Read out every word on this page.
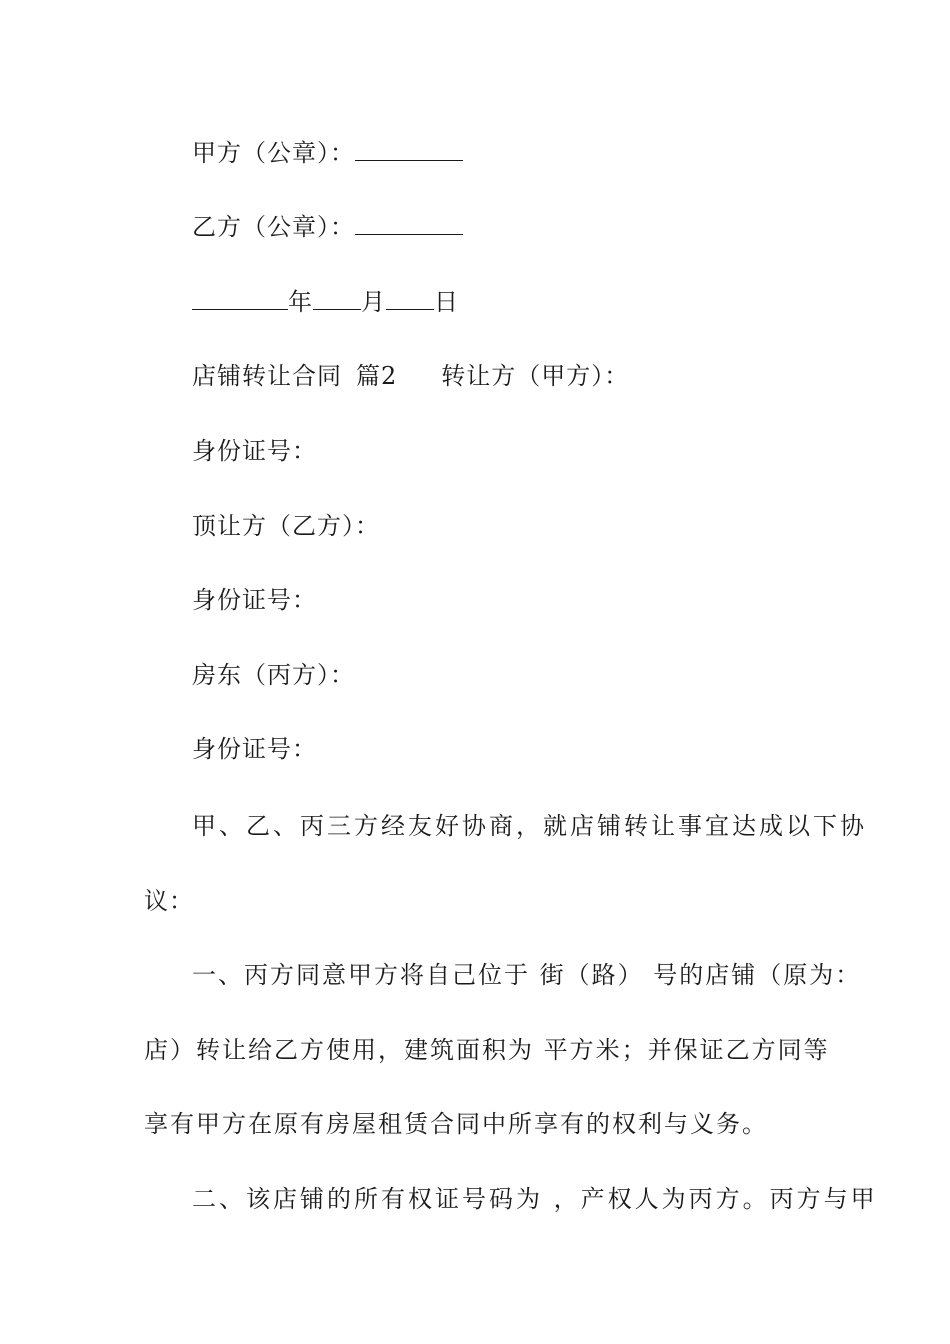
甲方（公章）：
乙方（公章）：
年 月 日
店铺转让合同 篇2 转让方（甲方）：
身份证号：
顶让方（乙方）：
身份证号：
房东（丙方）：
身份证号：
甲、乙、丙三方经友好协商，就店铺转让事宜达成以下协
议：
一、丙方同意甲方将自己位于 街（路） 号的店铺（原为：
店）转让给乙方使用，建筑面积为 平方米；并保证乙方同等
享有甲方在原有房屋租赁合同中所享有的权利与义务。
二、该店铺的所有权证号码为 ，产权人为丙方。丙方与甲
